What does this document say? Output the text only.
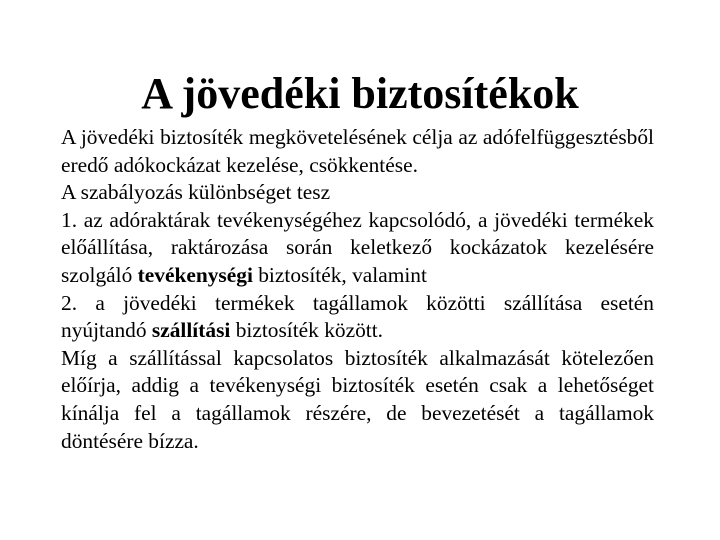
A jövedéki biztosítékok

A jövedéki biztosíték megkövetelésének célja az adófelfüggesztésből eredő adókockázat kezelése, csökkentése.

A szabályozás különbséget tesz

1. az adóraktárak tevékenységéhez kapcsolódó, a jövedéki termékek előállítása, raktározása során keletkező kockázatok kezelésére szolgáló tevékenységi biztosíték, valamint

2. a jövedéki termékek tagállamok közötti szállítása esetén nyújtandó szállítási biztosíték között.

Míg a szállítással kapcsolatos biztosíték alkalmazását kötelezően előírja, addig a tevékenységi biztosíték esetén csak a lehetőséget kínálja fel a tagállamok részére, de bevezetését a tagállamok döntésére bízza.
